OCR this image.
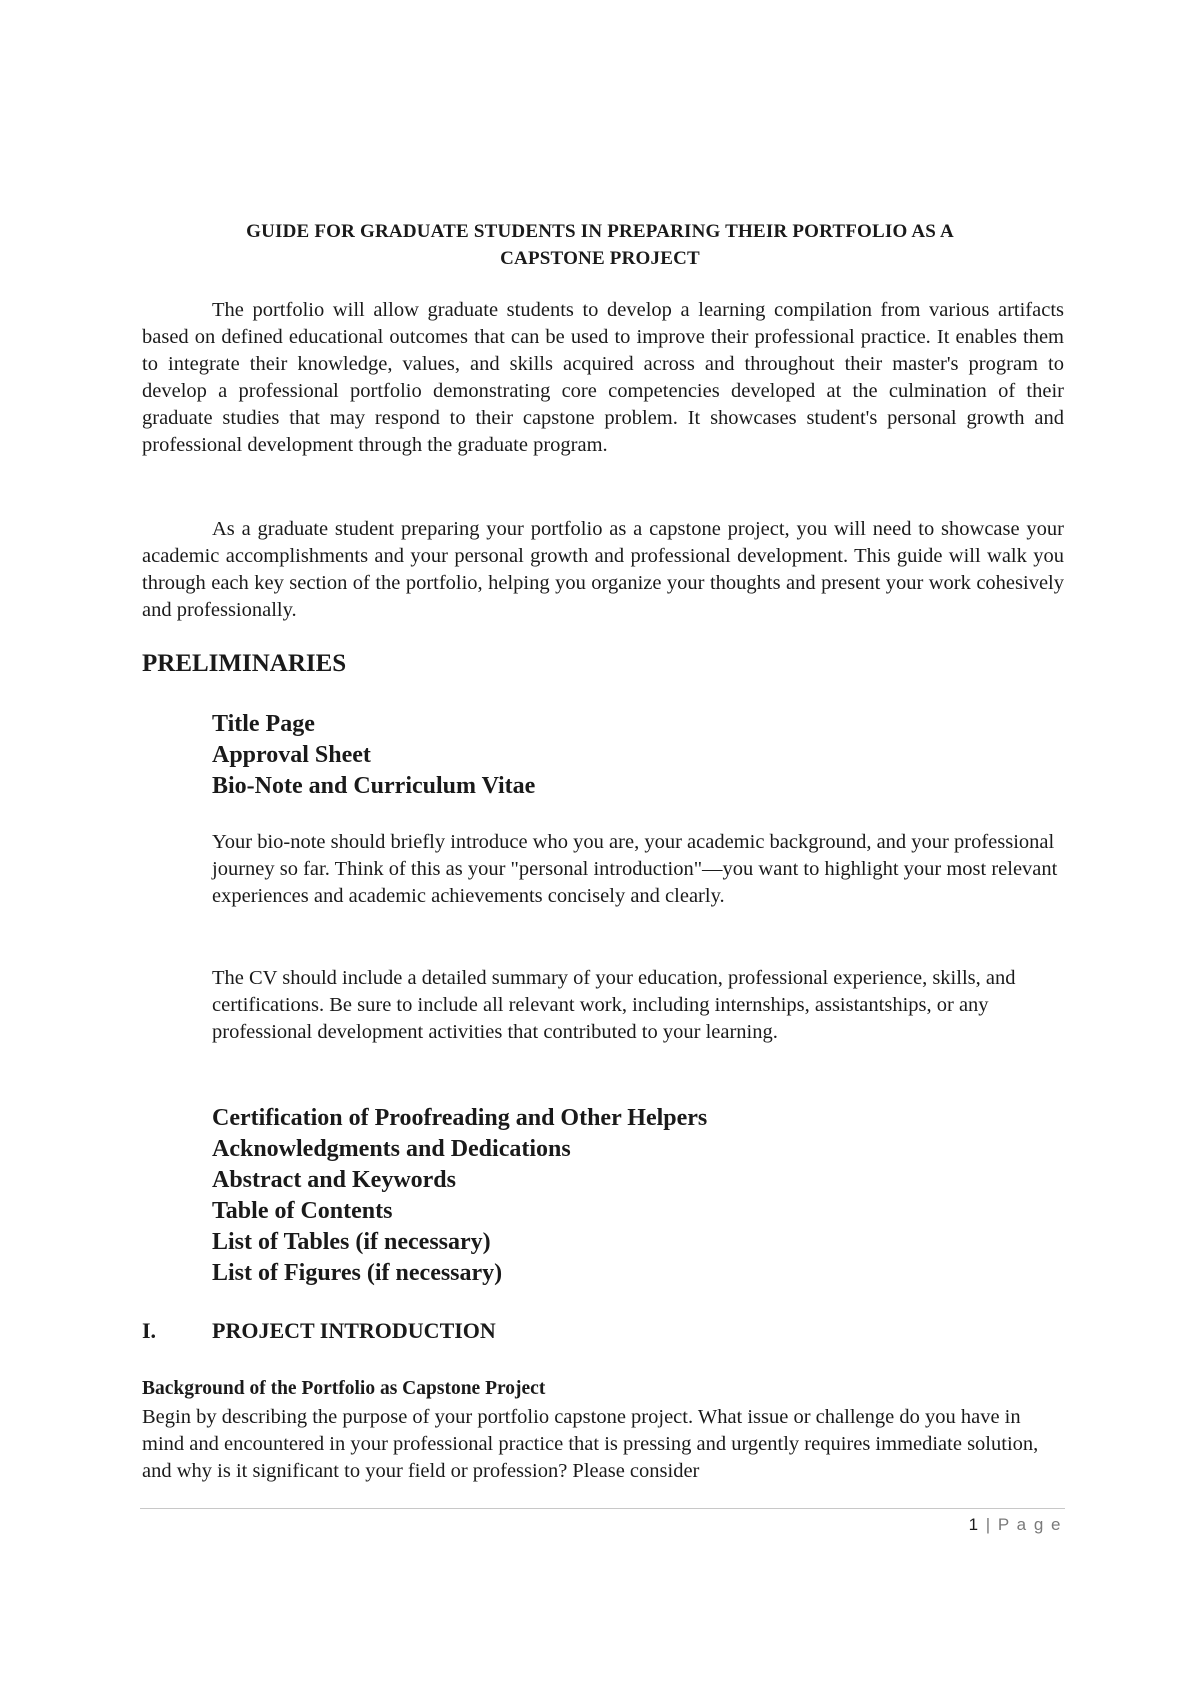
GUIDE FOR GRADUATE STUDENTS IN PREPARING THEIR PORTFOLIO AS A
CAPSTONE PROJECT
The portfolio will allow graduate students to develop a learning compilation from various artifacts based on defined educational outcomes that can be used to improve their professional practice. It enables them to integrate their knowledge, values, and skills acquired across and throughout their master's program to develop a professional portfolio demonstrating core competencies developed at the culmination of their graduate studies that may respond to their capstone problem. It showcases student's personal growth and professional development through the graduate program.
As a graduate student preparing your portfolio as a capstone project, you will need to showcase your academic accomplishments and your personal growth and professional development. This guide will walk you through each key section of the portfolio, helping you organize your thoughts and present your work cohesively and professionally.
PRELIMINARIES
Title Page
Approval Sheet
Bio-Note and Curriculum Vitae
Your bio-note should briefly introduce who you are, your academic background, and your professional journey so far. Think of this as your "personal introduction"—you want to highlight your most relevant experiences and academic achievements concisely and clearly.
The CV should include a detailed summary of your education, professional experience, skills, and certifications. Be sure to include all relevant work, including internships, assistantships, or any professional development activities that contributed to your learning.
Certification of Proofreading and Other Helpers
Acknowledgments and Dedications
Abstract and Keywords
Table of Contents
List of Tables (if necessary)
List of Figures (if necessary)
I.	PROJECT INTRODUCTION
Background of the Portfolio as Capstone Project
Begin by describing the purpose of your portfolio capstone project. What issue or challenge do you have in mind and encountered in your professional practice that is pressing and urgently requires immediate solution, and why is it significant to your field or profession? Please consider
1 | P a g e
